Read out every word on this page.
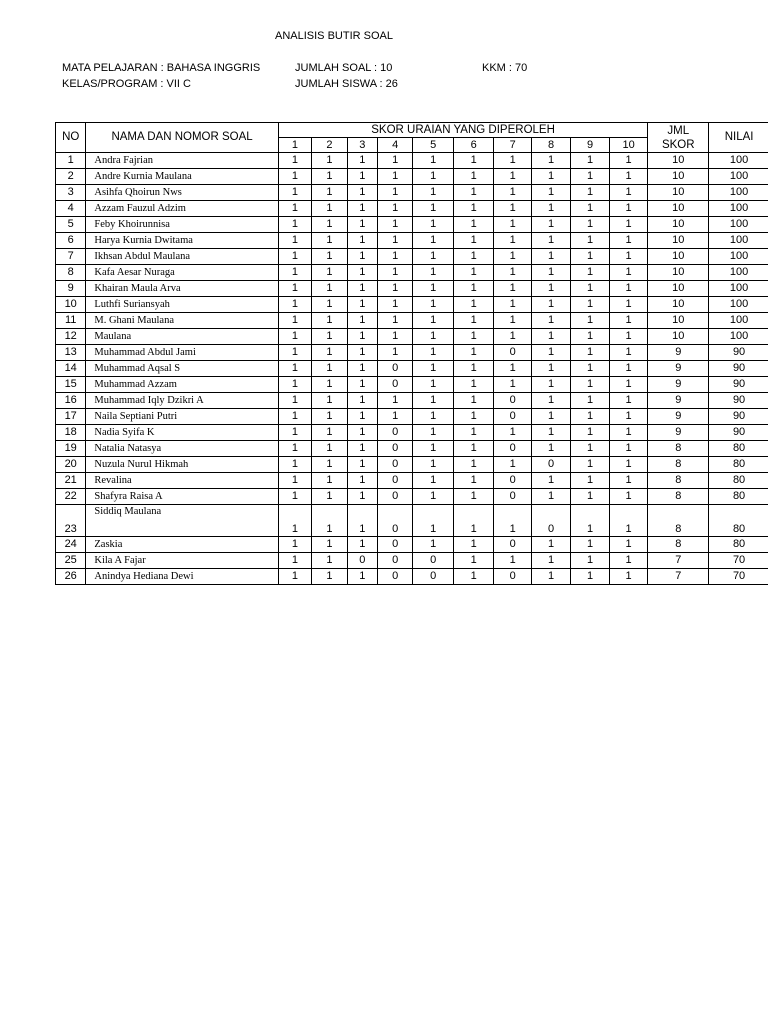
ANALISIS BUTIR SOAL
MATA PELAJARAN : BAHASA INGGRIS
KELAS/PROGRAM : VII C
JUMLAH SOAL : 10
JUMLAH SISWA : 26
KKM : 70
NO	NAMA DAN NOMOR SOAL	SKOR URAIAN YANG DIPEROLEH										JML SKOR	NILAI
		1	2	3	4	5	6	7	8	9	10		
1	Andra Fajrian	1	1	1	1	1	1	1	1	1	1	10	100
2	Andre Kurnia Maulana	1	1	1	1	1	1	1	1	1	1	10	100
3	Asihfa Qhoirun Nws	1	1	1	1	1	1	1	1	1	1	10	100
4	Azzam Fauzul Adzim	1	1	1	1	1	1	1	1	1	1	10	100
5	Feby Khoirunnisa	1	1	1	1	1	1	1	1	1	1	10	100
6	Harya Kurnia Dwitama	1	1	1	1	1	1	1	1	1	1	10	100
7	Ikhsan Abdul Maulana	1	1	1	1	1	1	1	1	1	1	10	100
8	Kafa Aesar Nuraga	1	1	1	1	1	1	1	1	1	1	10	100
9	Khairan Maula Arva	1	1	1	1	1	1	1	1	1	1	10	100
10	Luthfi Suriansyah	1	1	1	1	1	1	1	1	1	1	10	100
11	M. Ghani Maulana	1	1	1	1	1	1	1	1	1	1	10	100
12	Maulana	1	1	1	1	1	1	1	1	1	1	10	100
13	Muhammad Abdul Jami	1	1	1	1	1	1	0	1	1	1	9	90
14	Muhammad Aqsal S	1	1	1	0	1	1	1	1	1	1	9	90
15	Muhammad Azzam	1	1	1	0	1	1	1	1	1	1	9	90
16	Muhammad Iqly Dzikri A	1	1	1	1	1	1	0	1	1	1	9	90
17	Naila Septiani Putri	1	1	1	1	1	1	0	1	1	1	9	90
18	Nadia Syifa K	1	1	1	0	1	1	1	1	1	1	9	90
19	Natalia Natasya	1	1	1	0	1	1	0	1	1	1	8	80
20	Nuzula Nurul Hikmah	1	1	1	0	1	1	1	0	1	1	8	80
21	Revalina	1	1	1	0	1	1	0	1	1	1	8	80
22	Shafyra Raisa A	1	1	1	0	1	1	0	1	1	1	8	80
23	Siddiq Maulana	1	1	1	0	1	1	1	0	1	1	8	80
24	Zaskia	1	1	1	0	1	1	0	1	1	1	8	80
25	Kila A Fajar	1	1	0	0	0	1	1	1	1	1	7	70
26	Anindya Hediana Dewi	1	1	1	0	0	1	0	1	1	1	7	70
